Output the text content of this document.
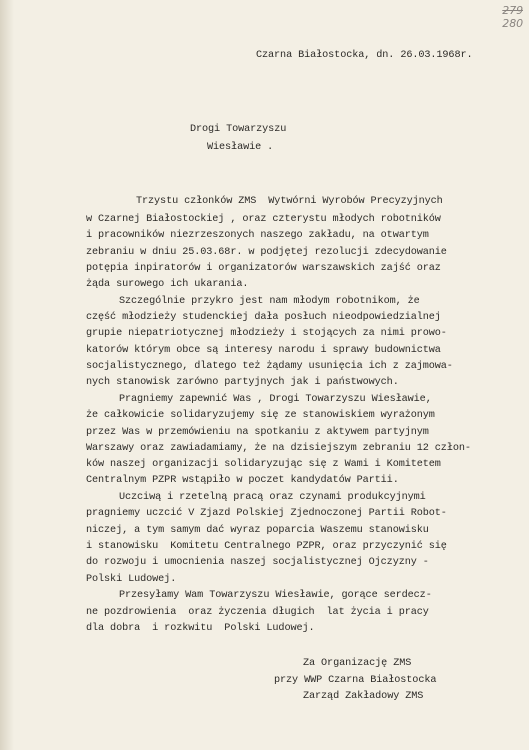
279
280
Czarna Białostocka, dn. 26.03.1968r.
Drogi Towarzyszu
Wiesławie .
Trzystu członków ZMS  Wytwórni Wyrobów Precyzyjnych
w Czarnej Białostockiej , oraz czterystu młodych robotników
i pracowników niezrzeszonych naszego zakładu, na otwartym
zebraniu w dniu 25.03.68r. w podjętej rezolucji zdecydowanie
potępia inpiratorów i organizatorów warszawskich zajść oraz
żąda surowego ich ukarania.
Szczególnie przykro jest nam młodym robotnikom, że
część młodzieży studenckiej dała posłuch nieodpowiedzialnej
grupie niepatriotycznej młodzieży i stojących za nimi prowo-
katorów którym obce są interesy narodu i sprawy budownictwa
socjalistycznego, dlatego też żądamy usunięcia ich z zajmowa-
nych stanowisk zarówno partyjnych jak i państwowych.
Pragniemy zapewnić Was , Drogi Towarzyszu Wiesławie,
że całkowicie solidaryzujemy się ze stanowiskiem wyrażonym
przez Was w przemówieniu na spotkaniu z aktywem partyjnym
Warszawy oraz zawiadamiamy, że na dzisiejszym zebraniu 12 człon-
ków naszej organizacji solidaryzując się z Wami i Komitetem
Centralnym PZPR wstąpiło w poczet kandydatów Partii.
Uczciwą i rzetelną pracą oraz czynami produkcyjnymi
pragniemy uczcić V Zjazd Polskiej Zjednoczonej Partii Robot-
niczej, a tym samym dać wyraz poparcia Waszemu stanowisku
i stanowisku  Komitetu Centralnego PZPR, oraz przyczynić się
do rozwoju i umocnienia naszej socjalistycznej Ojczyzny -
Polski Ludowej.
Przesyłamy Wam Towarzyszu Wiesławie, gorące serdecz-
ne pozdrowienia  oraz życzenia długich  lat życia i pracy
dla dobra  i rozkwitu  Polski Ludowej.
Za Organizację ZMS
przy WWP Czarna Białostocka
Zarząd Zakładowy ZMS
